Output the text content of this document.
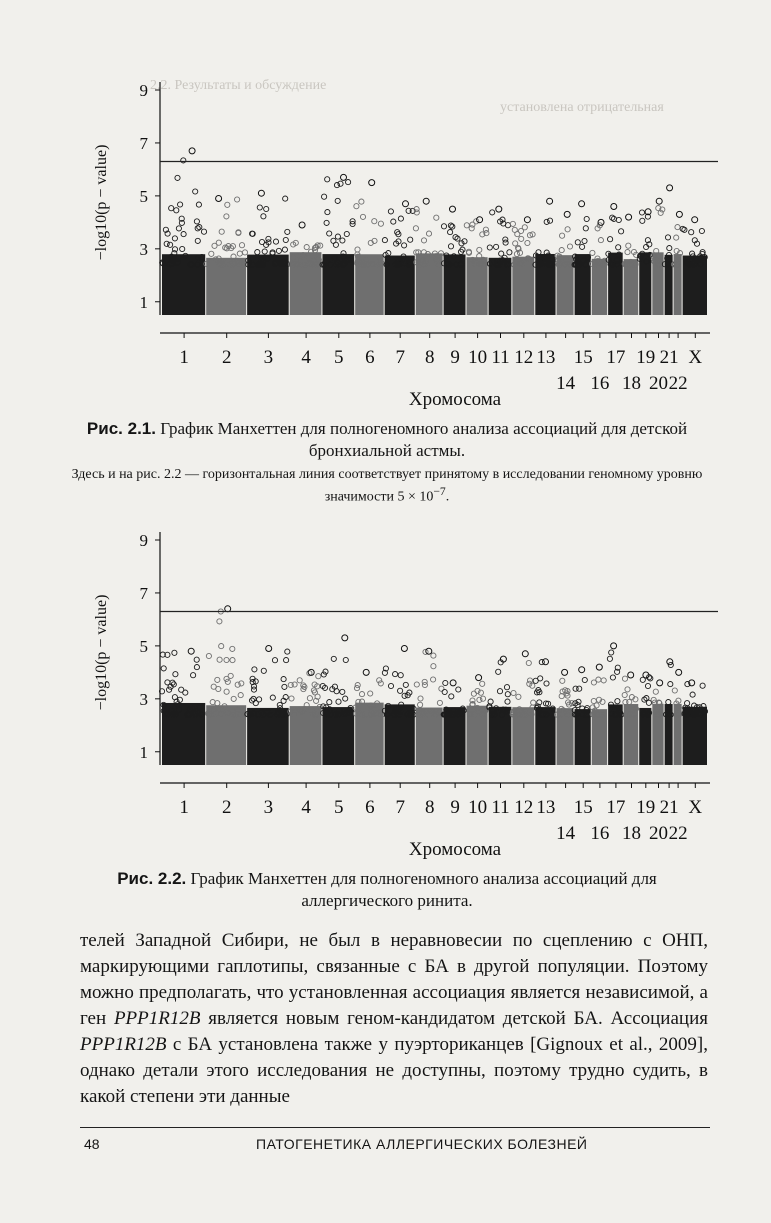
2.2. Результаты и обсуждение
установлена отрицательная
1
3
5
7
9
−log10(p − value)
1 2 3 4 5 6 7 8 9 10 11 12 13
14
15
16
17
18
19
20
21
22
X
Хромосома
Рис. 2.1. График Манхеттен для полногеномного анализа ассоциаций для детской бронхиальной астмы.
Здесь и на рис. 2.2 — горизонтальная линия соответствует принятому в исследовании геномному уровню значимости $5 \times 10^{-7}$.
1
3
5
7
9
−log10(p − value)
1 2 3 4 5 6 7 8 9 10 11 12 13
14
15
16
17
18
19
20
21
22
X
Хромосома
Рис. 2.2. График Манхеттен для полногеномного анализа ассоциаций для аллергического ринита.
телей Западной Сибири, не был в неравновесии по сцеплению с ОНП, маркирующими гаплотипы, связанные с БА в другой популяции. Поэтому можно предполагать, что установленная ассоциация является независимой, а ген PPP1R12B является новым геном-кандидатом детской БА. Ассоциация PPP1R12B с БА установлена также у пуэрториканцев [Gignoux et al., 2009], однако детали этого исследования не доступны, поэтому трудно судить, в какой степени эти данные
48	ПАТОГЕНЕТИКА АЛЛЕРГИЧЕСКИХ БОЛЕЗНЕЙ
